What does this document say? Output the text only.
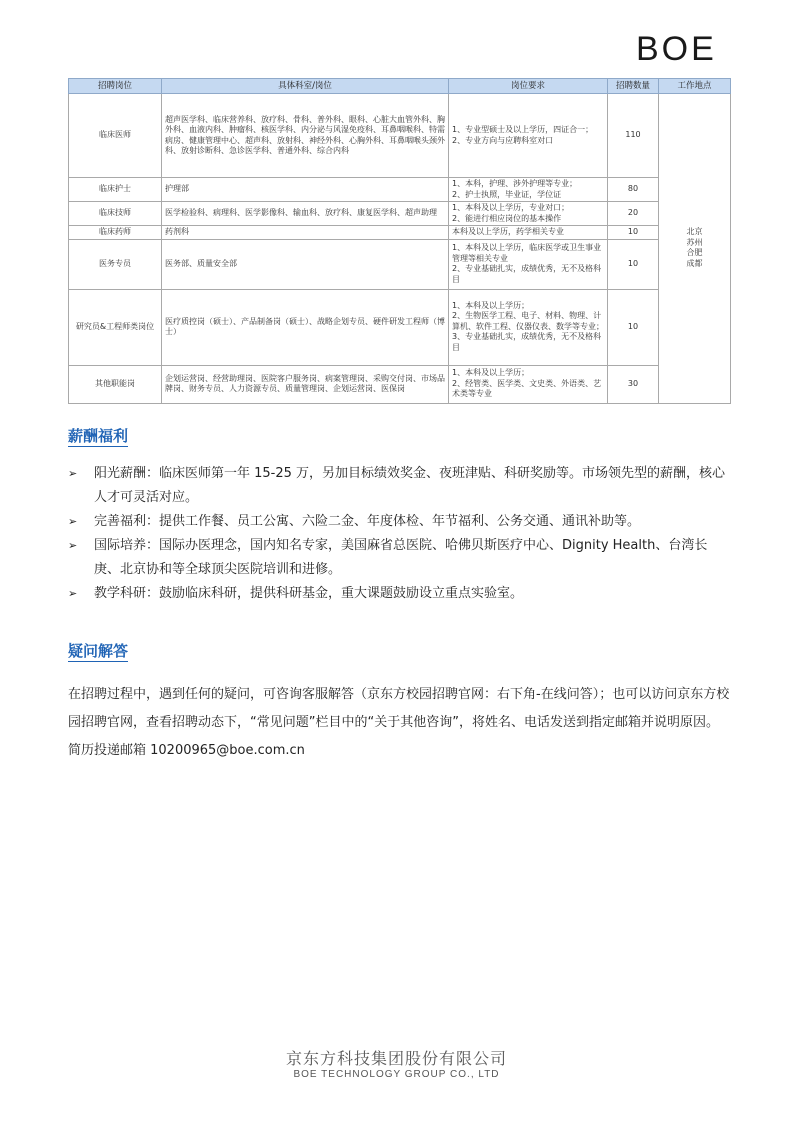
BOE
招聘岗位	具体科室/岗位	岗位要求	招聘数量	工作地点
临床医师	超声医学科、临床营养科、放疗科、骨科、普外科、眼科、心脏大血管外科、胸外科、血液内科、肿瘤科、核医学科、内分泌与风湿免疫科、耳鼻咽喉科、特需病房、健康管理中心、超声科、放射科、神经外科、心胸外科、耳鼻咽喉头颈外科、放射诊断科、急诊医学科、普通外科、综合内科	1、专业型硕士及以上学历，四证合一；
2、专业方向与应聘科室对口	110	北京
苏州
合肥
成都
临床护士	护理部	1、本科，护理、涉外护理等专业；
2、护士执照，毕业证，学位证	80	
临床技师	医学检验科、病理科、医学影像科、输血科、放疗科、康复医学科、超声助理	1、本科及以上学历，专业对口；
2、能进行相应岗位的基本操作	20	
临床药师	药剂科	本科及以上学历，药学相关专业	10	
医务专员	医务部、质量安全部	1、本科及以上学历，临床医学或卫生事业管理等相关专业
2、专业基础扎实，成绩优秀，无不及格科目	10	
研究员&工程师类岗位	医疗质控岗（硕士）、产品制备岗（硕士）、战略企划专员、硬件研发工程师（博士）	1、本科及以上学历；
2、生物医学工程、电子、材料、物理、计算机、软件工程、仪器仪表、数学等专业；
3、专业基础扎实，成绩优秀，无不及格科目	10	
其他职能岗	企划运营岗、经营助理岗、医院客户服务岗、病案管理岗、采购交付岗、市场品牌岗、财务专员、人力资源专员、质量管理岗、企划运营岗、医保岗	1、本科及以上学历；
2、经管类、医学类、文史类、外语类、艺术类等专业	30	
薪酬福利
➢ 阳光薪酬：临床医师第一年 15-25 万，另加目标绩效奖金、夜班津贴、科研奖励等。市场领先型的薪酬，核心人才可灵活对应。
➢ 完善福利：提供工作餐、员工公寓、六险二金、年度体检、年节福利、公务交通、通讯补助等。
➢ 国际培养：国际办医理念，国内知名专家，美国麻省总医院、哈佛贝斯医疗中心、Dignity Health、台湾长庚、北京协和等全球顶尖医院培训和进修。
➢ 教学科研：鼓励临床科研，提供科研基金，重大课题鼓励设立重点实验室。
疑问解答

在招聘过程中，遇到任何的疑问，可咨询客服解答（京东方校园招聘官网：右下角-在线问答）；也可以访问京东方校园招聘官网，查看招聘动态下，“常见问题”栏目中的“关于其他咨询”，将姓名、电话发送到指定邮箱并说明原因。简历投递邮箱 10200965@boe.com.cn

京东方科技集团股份有限公司
BOE TECHNOLOGY GROUP CO., LTD
